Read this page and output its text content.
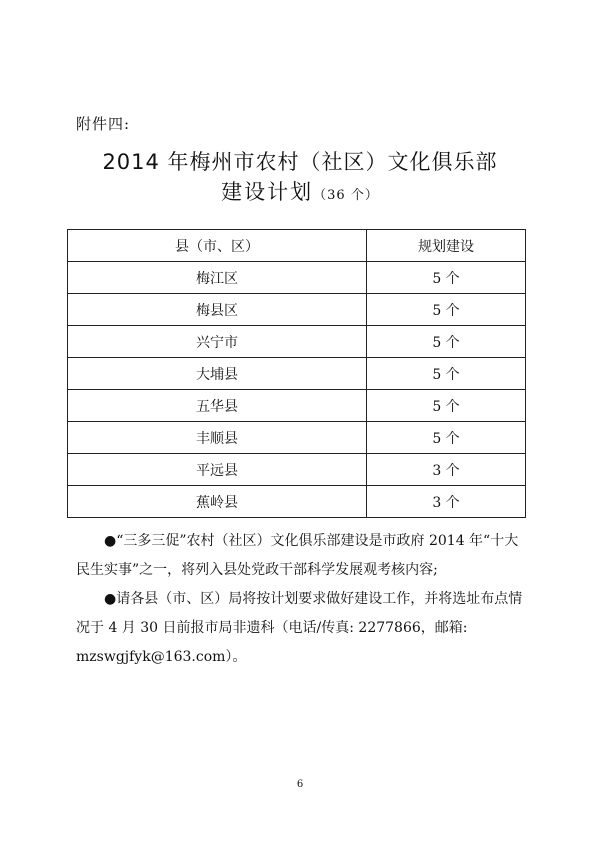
附件四:
2014 年梅州市农村（社区）文化俱乐部
建设计划（36 个）
县（市、区）	规划建设
梅江区	5 个
梅县区	5 个
兴宁市	5 个
大埔县	5 个
五华县	5 个
丰顺县	5 个
平远县	3 个
蕉岭县	3 个

●“三多三促”农村（社区）文化俱乐部建设是市政府 2014 年“十大民生实事”之一，将列入县处党政干部科学发展观考核内容;

●请各县（市、区）局将按计划要求做好建设工作，并将选址布点情况于 4 月 30 日前报市局非遗科（电话/传真: 2277866，邮箱: mzswgjfyk@163.com）。

6
